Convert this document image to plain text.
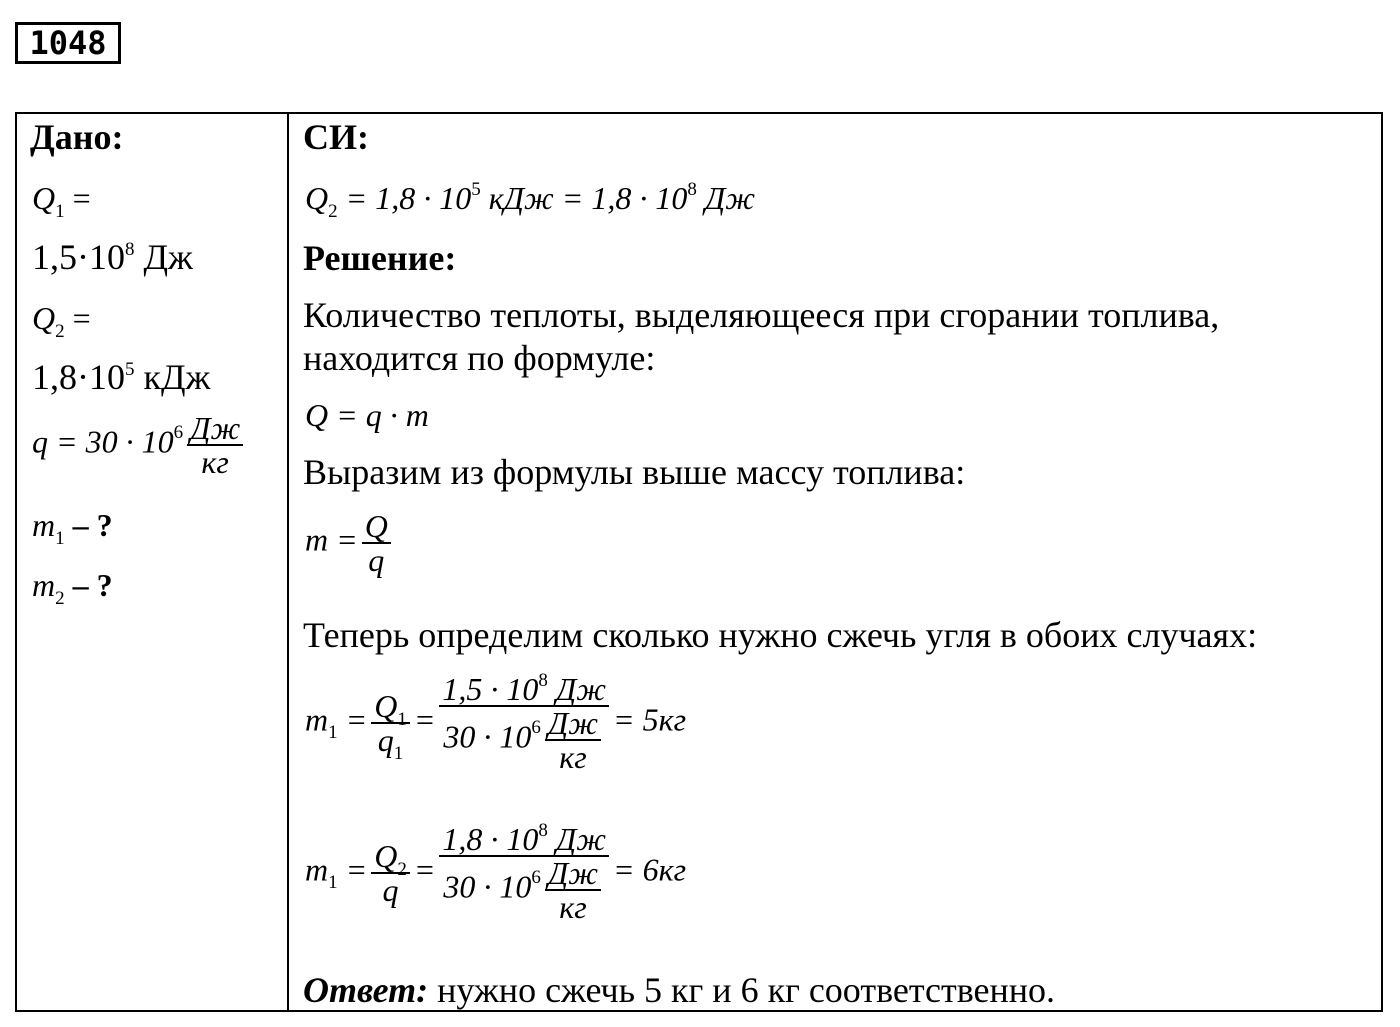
1048
Дано:
$Q_1$ =
$1,5\cdot 10^8$ Дж
$Q_2$ =
$1,8\cdot 10^5$ кДж
$q = 30 \cdot 10^6 \frac{Дж}{кг}$
$m_1$ – ?
$m_2$ – ?
СИ:
$Q_2 = 1,8 \cdot 10^5$ кДж = $1,8 \cdot 10^8$ Дж
Решение:
Количество теплоты, выделяющееся при сгорании топлива,
находится по формуле:
Q = q · m
Выразим из формулы выше массу топлива:
$m = \frac{Q}{q}$
Теперь определим сколько нужно сжечь угля в обоих случаях:
$m_1 = \frac{Q_1}{q_1} = \frac{1,5 \cdot 10^8 Дж}{30 \cdot 10^6 \frac{Дж}{кг}} = 5кг$
$m_1 = \frac{Q_2}{q} = \frac{1,8 \cdot 10^8 Дж}{30 \cdot 10^6 \frac{Дж}{кг}} = 6кг$
Ответ: нужно сжечь 5 кг и 6 кг соответственно.
